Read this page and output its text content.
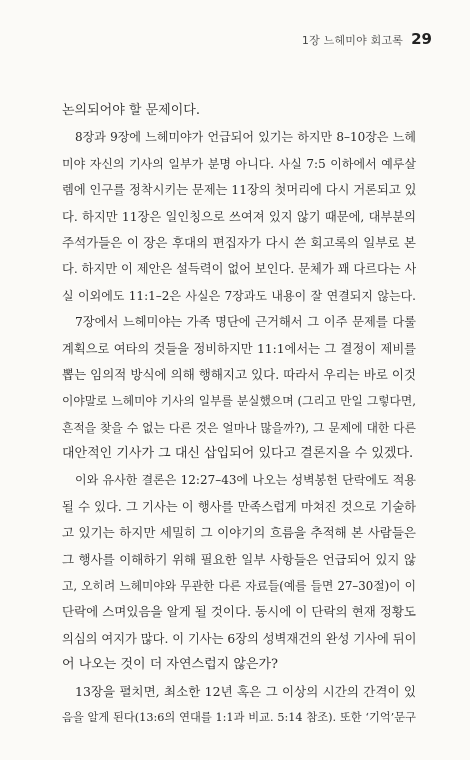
1장 느헤미야 회고록 29
논의되어야 할 문제이다.
8장과 9장에 느헤미야가 언급되어 있기는 하지만 8–10장은 느헤
미야 자신의 기사의 일부가 분명 아니다. 사실 7:5 이하에서 예루살
렘에 인구를 정착시키는 문제는 11장의 첫머리에 다시 거론되고 있
다. 하지만 11장은 일인칭으로 쓰여져 있지 않기 때문에, 대부분의
주석가들은 이 장은 후대의 편집자가 다시 쓴 회고록의 일부로 본
다. 하지만 이 제안은 설득력이 없어 보인다. 문체가 꽤 다르다는 사
실 이외에도 11:1–2은 사실은 7장과도 내용이 잘 연결되지 않는다.
7장에서 느헤미야는 가족 명단에 근거해서 그 이주 문제를 다룰
계획으로 여타의 것들을 정비하지만 11:1에서는 그 결정이 제비를
뽑는 임의적 방식에 의해 행해지고 있다. 따라서 우리는 바로 이것
이야말로 느헤미야 기사의 일부를 분실했으며 (그리고 만일 그렇다면,
흔적을 찾을 수 없는 다른 것은 얼마나 많을까?), 그 문제에 대한 다른
대안적인 기사가 그 대신 삽입되어 있다고 결론지을 수 있겠다.
이와 유사한 결론은 12:27–43에 나오는 성벽봉헌 단락에도 적용
될 수 있다. 그 기사는 이 행사를 만족스럽게 마쳐진 것으로 기술하
고 있기는 하지만 세밀히 그 이야기의 흐름을 추적해 본 사람들은
그 행사를 이해하기 위해 필요한 일부 사항들은 언급되어 있지 않
고, 오히려 느헤미야와 무관한 다른 자료들(예를 들면 27–30절)이 이
단락에 스며있음을 알게 될 것이다. 동시에 이 단락의 현재 정황도
의심의 여지가 많다. 이 기사는 6장의 성벽재건의 완성 기사에 뒤이
어 나오는 것이 더 자연스럽지 않은가?
13장을 펼치면, 최소한 12년 혹은 그 이상의 시간의 간격이 있
음을 알게 된다(13:6의 연대를 1:1과 비교. 5:14 참조). 또한 ‘기억’문구
